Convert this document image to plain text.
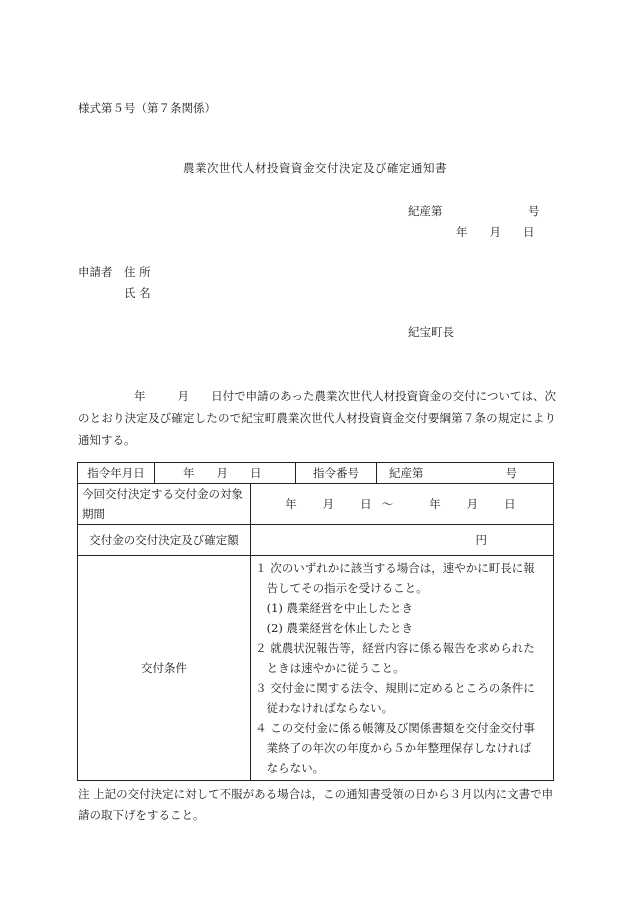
様式第５号（第７条関係）
農業次世代人材投資資金交付決定及び確定通知書
紀産第	号
年 月 日
申請者 住 所
氏 名
紀宝町長
年	月 日付で申請のあった農業次世代人材投資資金の交付については、次のとおり決定及び確定したので紀宝町農業次世代人材投資資金交付要綱第７条の規定により通知する。
指令年月日	年 月 日	指令番号	紀産第	号

今回交付決定する交付金の対象期間	年 月 日 ～	年 月 日
交付金の交付決定及び確定額	円
交付条件	
１ 次のいずれかに該当する場合は，速やかに町長に報
　告してその指示を受けること。
　(1) 農業経営を中止したとき
　(2) 農業経営を休止したとき
２ 就農状況報告等，経営内容に係る報告を求められた
　ときは速やかに従うこと。
３ 交付金に関する法令、規則に定めるところの条件に
　従わなければならない。
４ この交付金に係る帳簿及び関係書類を交付金交付事
　業終了の年次の年度から５か年整理保存しなければ
　ならない。
注 上記の交付決定に対して不服がある場合は，この通知書受領の日から３月以内に文書で申請の取下げをすること。
